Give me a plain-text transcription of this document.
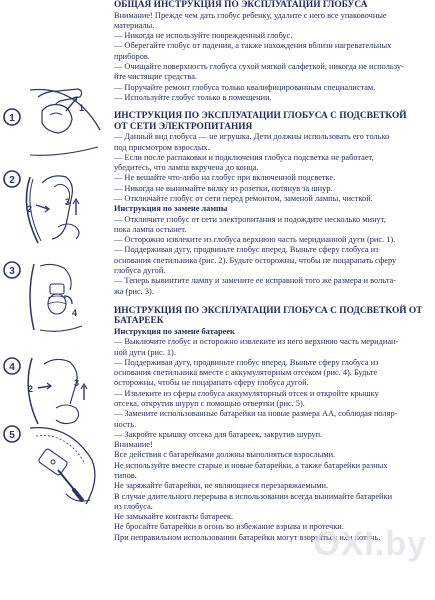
1
1
2
2
3
3
4
4
2
3
5
ОБЩАЯ ИНСТРУКЦИЯ ПО ЭКСПЛУАТАЦИИ ГЛОБУСА
Внимание! Прежде чем дать глобус ребенку, удалите с него все упаковочные
материалы.
— Никогда не используйте поврежденный глобус.
— Оберегайте глобус от падения, а также нахождения вблизи нагревательных
приборов.
— Очищайте поверхность глобуса сухой мягкой салфеткой, никогда не использу-
йте чистящие средства.
— Поручайте ремонт глобуса только квалифицированным специалистам.
— Используйте глобус только в помещении.
ИНСТРУКЦИЯ ПО ЭКСПЛУАТАЦИИ ГЛОБУСА С ПОДСВЕТКОЙ
ОТ СЕТИ ЭЛЕКТРОПИТАНИЯ
— Данный вид глобуса — не игрушка. Дети должны использовать его только
под присмотром взрослых.
— Если после распаковки и подключения глобуса подсветка не работает,
убедитесь, что лампа вкручена до конца.
— Не вешайте что-либо на глобус при включенной подсветке.
— Никогда не вынимайте вилку из розетки, потянув за шнур.
— Отключайте глобус от сети перед ремонтом, заменой лампы, чисткой.
Инструкция по замене лампы
— Отключите глобус от сети электропитания и подождите несколько минут,
пока лампа остынет.
— Осторожно извлеките из глобуса верхнюю часть меридианной дуги (рис. 1).
— Поддерживая дугу, продвиньте глобус вперед. Выньте сферу глобуса из
основания светильника (рис. 2). Будьте осторожны, чтобы не поцарапать сферу
глобуса дугой.
— Теперь вывинтите лампу и замените ее исправной того же размера и вольта-
жа (рис. 3).
ИНСТРУКЦИЯ ПО ЭКСПЛУАТАЦИИ ГЛОБУСА С ПОДСВЕТКОЙ ОТ
БАТАРЕЕК
Инструкция по замене батареек
— Выключите глобус и осторожно извлеките из него верхнюю часть меридиан-
ной дуги (рис. 1).
— Поддерживая дугу, продвиньте глобус вперед. Выньте сферу глобуса из
основания светильника вместе с аккумуляторным отсеком (рис. 4). Будьте
осторожны, чтобы не поцарапать сферу глобуса дугой.
— Извлеките из сферы глобуса аккумуляторный отсек и откройте крышку
отсека, открутив шуруп с помощью отвертки (рис. 5).
— Замените использованные батарейки на новые размера АА, соблюдая поляр-
ность.
— Закройте крышку отсека для батареек, закрутив шуруп.
Внимание!
Все действия с батарейками должны выполняться взрослыми.
Не используйте вместе старые и новые батарейки, а также батарейки разных
типов.
Не заряжайте батарейки, не являющиеся перезаряжаемыми.
В случае длительного перерыва в использовании всегда вынимайте батарейки
из глобуса.
Не замыкайте контакты батареек.
Не бросайте батарейки в огонь во избежание взрыва и протечки.
При неправильном использовании батарейки могут взорваться или потечь.
OXI.by
